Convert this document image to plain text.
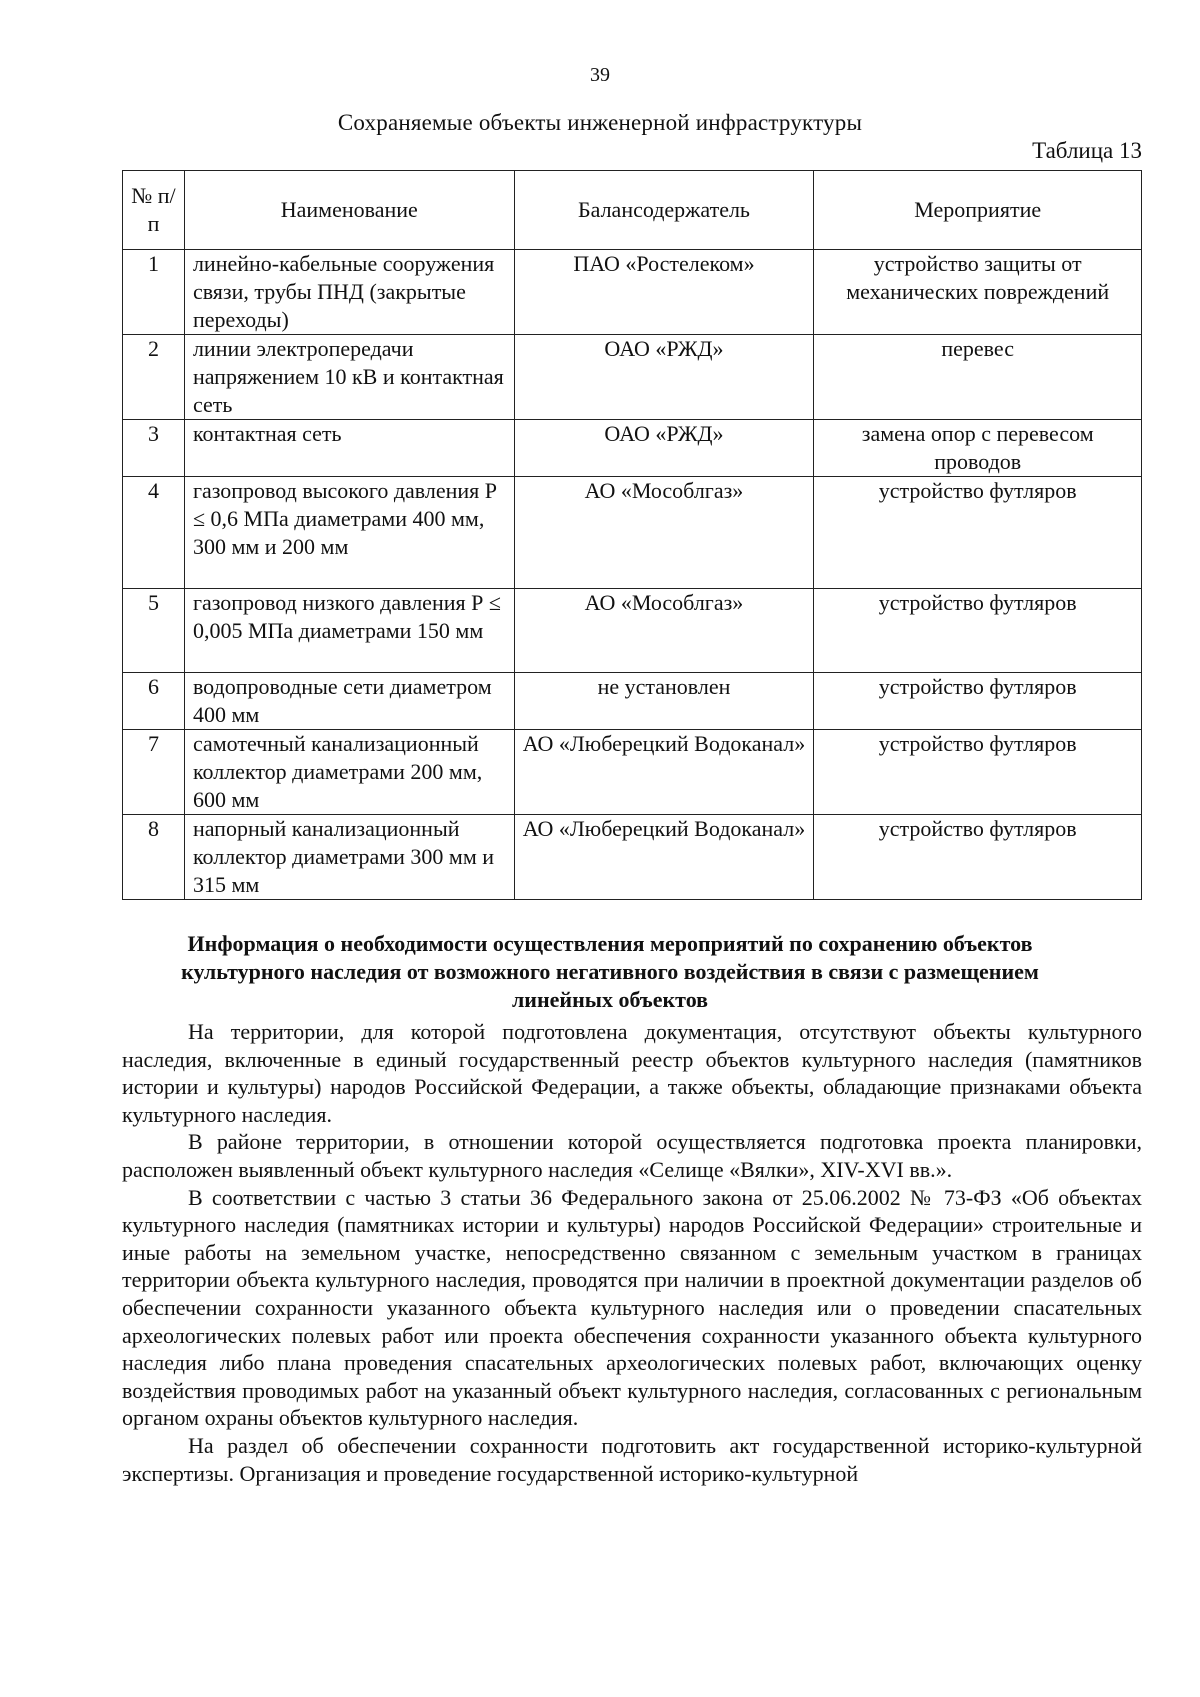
39
Сохраняемые объекты инженерной инфраструктуры
Таблица 13
№ п/п	Наименование	Балансодержатель	Мероприятие
1	линейно-кабельные сооружения связи, трубы ПНД (закрытые переходы)	ПАО «Ростелеком»	устройство защиты от механических повреждений
2	линии электропередачи напряжением 10 кВ и контактная сеть	ОАО «РЖД»	перевес
3	контактная сеть	ОАО «РЖД»	замена опор с перевесом проводов
4	газопровод высокого давления Р ≤ 0,6 МПа диаметрами 400 мм, 300 мм и 200 мм	АО «Мособлгаз»	устройство футляров
5	газопровод низкого давления Р ≤ 0,005 МПа диаметрами 150 мм	АО «Мособлгаз»	устройство футляров
6	водопроводные сети диаметром 400 мм	не установлен	устройство футляров
7	самотечный канализационный коллектор диаметрами 200 мм, 600 мм	АО «Люберецкий Водоканал»	устройство футляров
8	напорный канализационный коллектор диаметрами 300 мм и 315 мм	АО «Люберецкий Водоканал»	устройство футляров
Информация о необходимости осуществления мероприятий по сохранению объектов культурного наследия от возможного негативного воздействия в связи с размещением линейных объектов

На территории, для которой подготовлена документация, отсутствуют объекты культурного наследия, включенные в единый государственный реестр объектов культурного наследия (памятников истории и культуры) народов Российской Федерации, а также объекты, обладающие признаками объекта культурного наследия.

В районе территории, в отношении которой осуществляется подготовка проекта планировки, расположен выявленный объект культурного наследия «Селище «Вялки», XIV-XVI вв.».

В соответствии с частью 3 статьи 36 Федерального закона от 25.06.2002 № 73-ФЗ «Об объектах культурного наследия (памятниках истории и культуры) народов Российской Федерации» строительные и иные работы на земельном участке, непосредственно связанном с земельным участком в границах территории объекта культурного наследия, проводятся при наличии в проектной документации разделов об обеспечении сохранности указанного объекта культурного наследия или о проведении спасательных археологических полевых работ или проекта обеспечения сохранности указанного объекта культурного наследия либо плана проведения спасательных археологических полевых работ, включающих оценку воздействия проводимых работ на указанный объект культурного наследия, согласованных с региональным органом охраны объектов культурного наследия.

На раздел об обеспечении сохранности подготовить акт государственной историко-культурной экспертизы. Организация и проведение государственной историко-культурной
